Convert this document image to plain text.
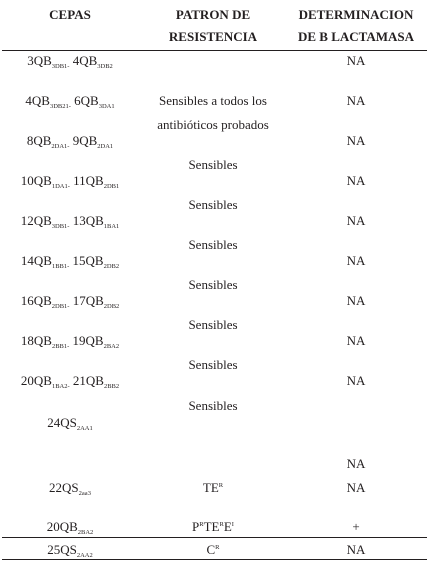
CEPAS	PATRON DE
RESISTENCIA
DETERMINACION
DE B LACTAMASA
$3QB_{3DB1-}$ $4QB_{3DB2}$
$4QB_{3DB21-}$ $6QB_{3DA1}$
$8QB_{2DA1-}$ $9QB_{2DA1}$
$10QB_{1DA1-}$ $11QB_{2DB1}$
$12QB_{3DB1-}$ $13QB_{1BA1}$
$14QB_{1BB1-}$ $15QB_{2DB2}$
$16QB_{2DB1-}$ $17QB_{2DB2}$
$18QB_{2BB1-}$ $19QB_{2BA2}$
$20QB_{1BA2-}$ $21QB_{2BB2}$
$24QS_{2AA1}$
$22QS_{2aa3}$
$20QB_{2BA2}$
$25QS_{2AA2}$
Sensibles a todos los
antibióticos probados
Sensibles
Sensibles
Sensibles
Sensibles
Sensibles
Sensibles
Sensibles
$TE^R$
$P^RTE^RE^I$
$C^R$
NA
NA
NA
NA
NA
NA
NA
NA
NA
NA
NA
+
NA
